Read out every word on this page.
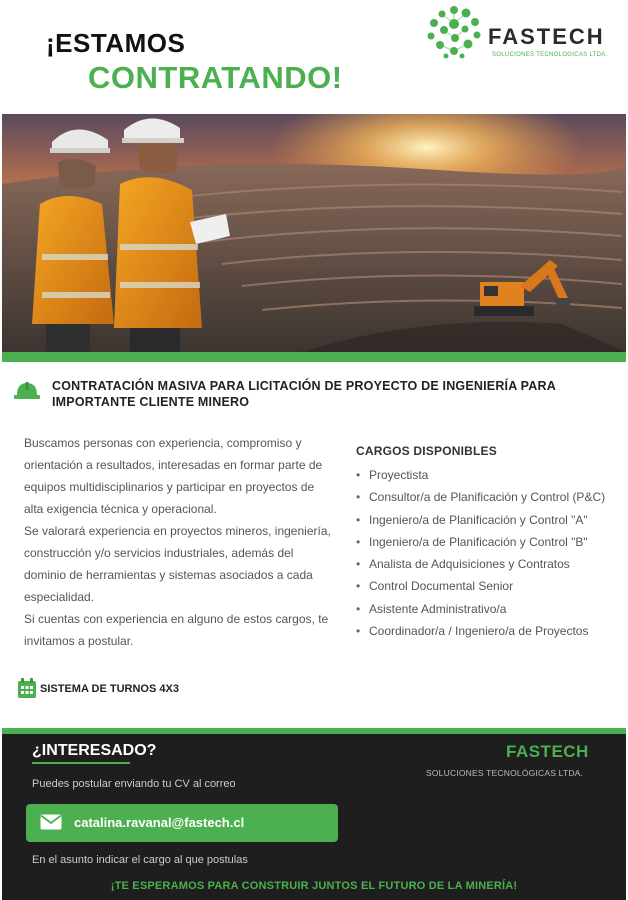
¡ESTAMOS
CONTRATANDO!
FASTECH
SOLUCIONES TECNOLOGICAS LTDA.
CONTRATACIÓN MASIVA PARA LICITACIÓN DE PROYECTO DE INGENIERÍA PARA IMPORTANTE CLIENTE MINERO

Buscamos personas con experiencia, compromiso y orientación a resultados, interesadas en formar parte de equipos multidisciplinarios y participar en proyectos de alta exigencia técnica y operacional.

Se valorará experiencia en proyectos mineros, ingeniería, construcción y/o servicios industriales, además del dominio de herramientas y sistemas asociados a cada especialidad.

Si cuentas con experiencia en alguno de estos cargos, te invitamos a postular.

CARGOS DISPONIBLES
• Proyectista
• Consultor/a de Planificación y Control (P&C)
• Ingeniero/a de Planificación y Control "A"
• Ingeniero/a de Planificación y Control "B"
• Analista de Adquisiciones y Contratos
• Control Documental Senior
• Asistente Administrativo/a
• Coordinador/a / Ingeniero/a de Proyectos
SISTEMA DE TURNOS 4X3
¿INTERESADO?	FASTECH
SOLUCIONES TECNOLÓGICAS LTDA.
Puedes postular enviando tu CV al correo
catalina.ravanal@fastech.cl
En el asunto indicar el cargo al que postulas
¡TE ESPERAMOS PARA CONSTRUIR JUNTOS EL FUTURO DE LA MINERÍA!
